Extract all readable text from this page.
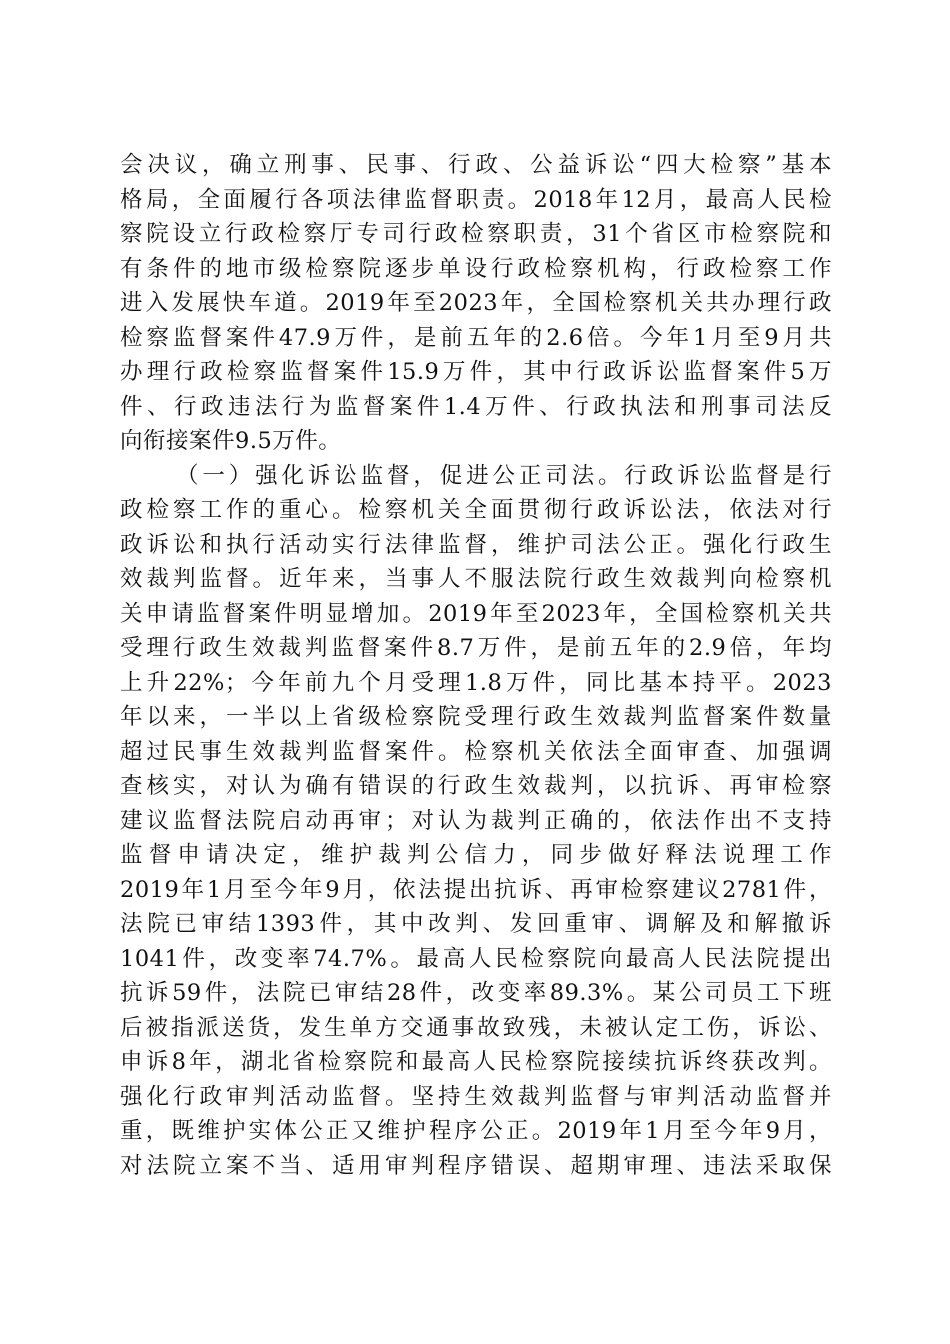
会决议，确立刑事、民事、行政、公益诉讼“四大检察”基本
格局，全面履行各项法律监督职责。2018年12月，最高人民检
察院设立行政检察厅专司行政检察职责，31个省区市检察院和
有条件的地市级检察院逐步单设行政检察机构，行政检察工作
进入发展快车道。2019年至2023年，全国检察机关共办理行政
检察监督案件47.9万件，是前五年的2.6倍。今年1月至9月共
办理行政检察监督案件15.9万件，其中行政诉讼监督案件5万
件、行政违法行为监督案件1.4万件、行政执法和刑事司法反
向衔接案件9.5万件。
（一）强化诉讼监督，促进公正司法。行政诉讼监督是行
政检察工作的重心。检察机关全面贯彻行政诉讼法，依法对行
政诉讼和执行活动实行法律监督，维护司法公正。强化行政生
效裁判监督。近年来，当事人不服法院行政生效裁判向检察机
关申请监督案件明显增加。2019年至2023年，全国检察机关共
受理行政生效裁判监督案件8.7万件，是前五年的2.9倍，年均
上升22%；今年前九个月受理1.8万件，同比基本持平。2023
年以来，一半以上省级检察院受理行政生效裁判监督案件数量
超过民事生效裁判监督案件。检察机关依法全面审查、加强调
查核实，对认为确有错误的行政生效裁判，以抗诉、再审检察
建议监督法院启动再审；对认为裁判正确的，依法作出不支持
监督申请决定，维护裁判公信力，同步做好释法说理工作
2019年1月至今年9月，依法提出抗诉、再审检察建议2781件，
法院已审结1393件，其中改判、发回重审、调解及和解撤诉
1041件，改变率74.7%。最高人民检察院向最高人民法院提出
抗诉59件，法院已审结28件，改变率89.3%。某公司员工下班
后被指派送货，发生单方交通事故致残，未被认定工伤，诉讼、
申诉8年，湖北省检察院和最高人民检察院接续抗诉终获改判。
强化行政审判活动监督。坚持生效裁判监督与审判活动监督并
重，既维护实体公正又维护程序公正。2019年1月至今年9月，
对法院立案不当、适用审判程序错误、超期审理、违法采取保
